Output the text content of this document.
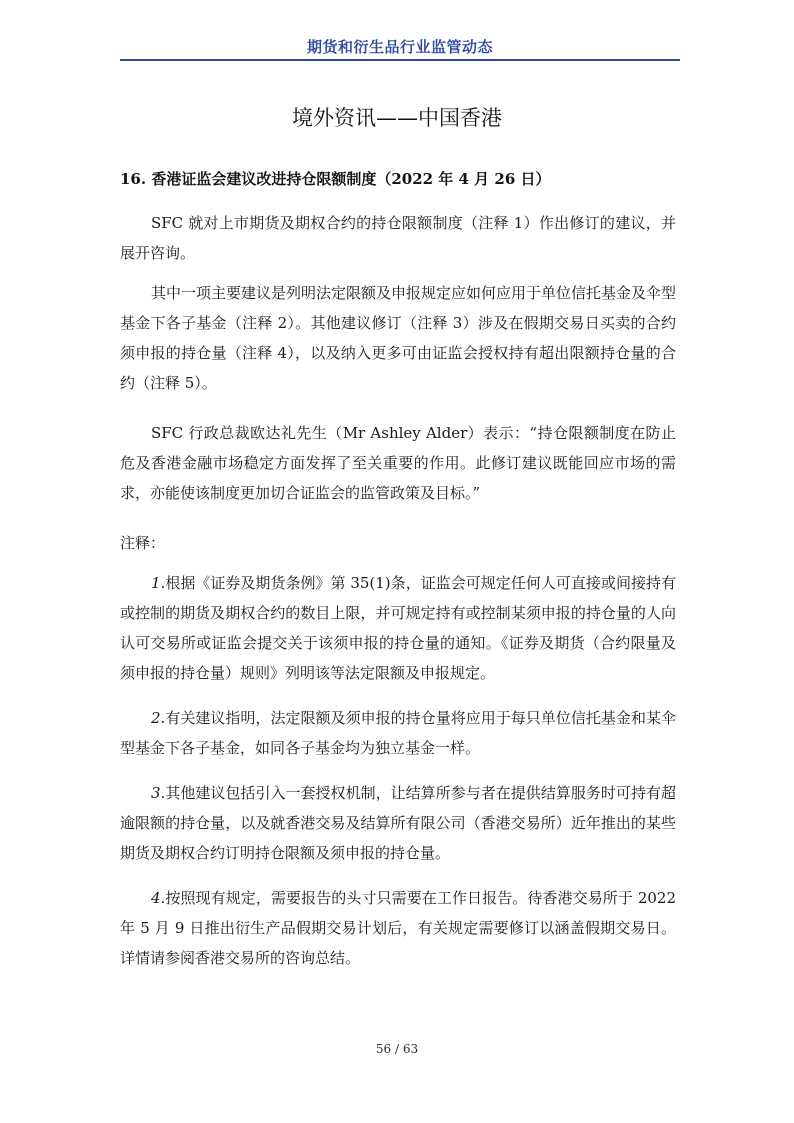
期货和衍生品行业监管动态
境外资讯——中国香港
16. 香港证监会建议改进持仓限额制度（2022 年 4 月 26 日）

SFC 就对上市期货及期权合约的持仓限额制度（注释 1）作出修订的建议，并展开咨询。

其中一项主要建议是列明法定限额及申报规定应如何应用于单位信托基金及伞型基金下各子基金（注释 2）。其他建议修订（注释 3）涉及在假期交易日买卖的合约须申报的持仓量（注释 4），以及纳入更多可由证监会授权持有超出限额持仓量的合约（注释 5）。

SFC 行政总裁欧达礼先生（Mr Ashley Alder）表示：“持仓限额制度在防止危及香港金融市场稳定方面发挥了至关重要的作用。此修订建议既能回应市场的需求，亦能使该制度更加切合证监会的监管政策及目标。”

注释：

1.根据《证券及期货条例》第 35(1)条，证监会可规定任何人可直接或间接持有或控制的期货及期权合约的数目上限，并可规定持有或控制某须申报的持仓量的人向认可交易所或证监会提交关于该须申报的持仓量的通知。《证券及期货（合约限量及须申报的持仓量）规则》列明该等法定限额及申报规定。

2.有关建议指明，法定限额及须申报的持仓量将应用于每只单位信托基金和某伞型基金下各子基金，如同各子基金均为独立基金一样。

3.其他建议包括引入一套授权机制，让结算所参与者在提供结算服务时可持有超逾限额的持仓量，以及就香港交易及结算所有限公司（香港交易所）近年推出的某些期货及期权合约订明持仓限额及须申报的持仓量。

4.按照现有规定，需要报告的头寸只需要在工作日报告。待香港交易所于 2022 年 5 月 9 日推出衍生产品假期交易计划后，有关规定需要修订以涵盖假期交易日。详情请参阅香港交易所的咨询总结。

56 / 63
